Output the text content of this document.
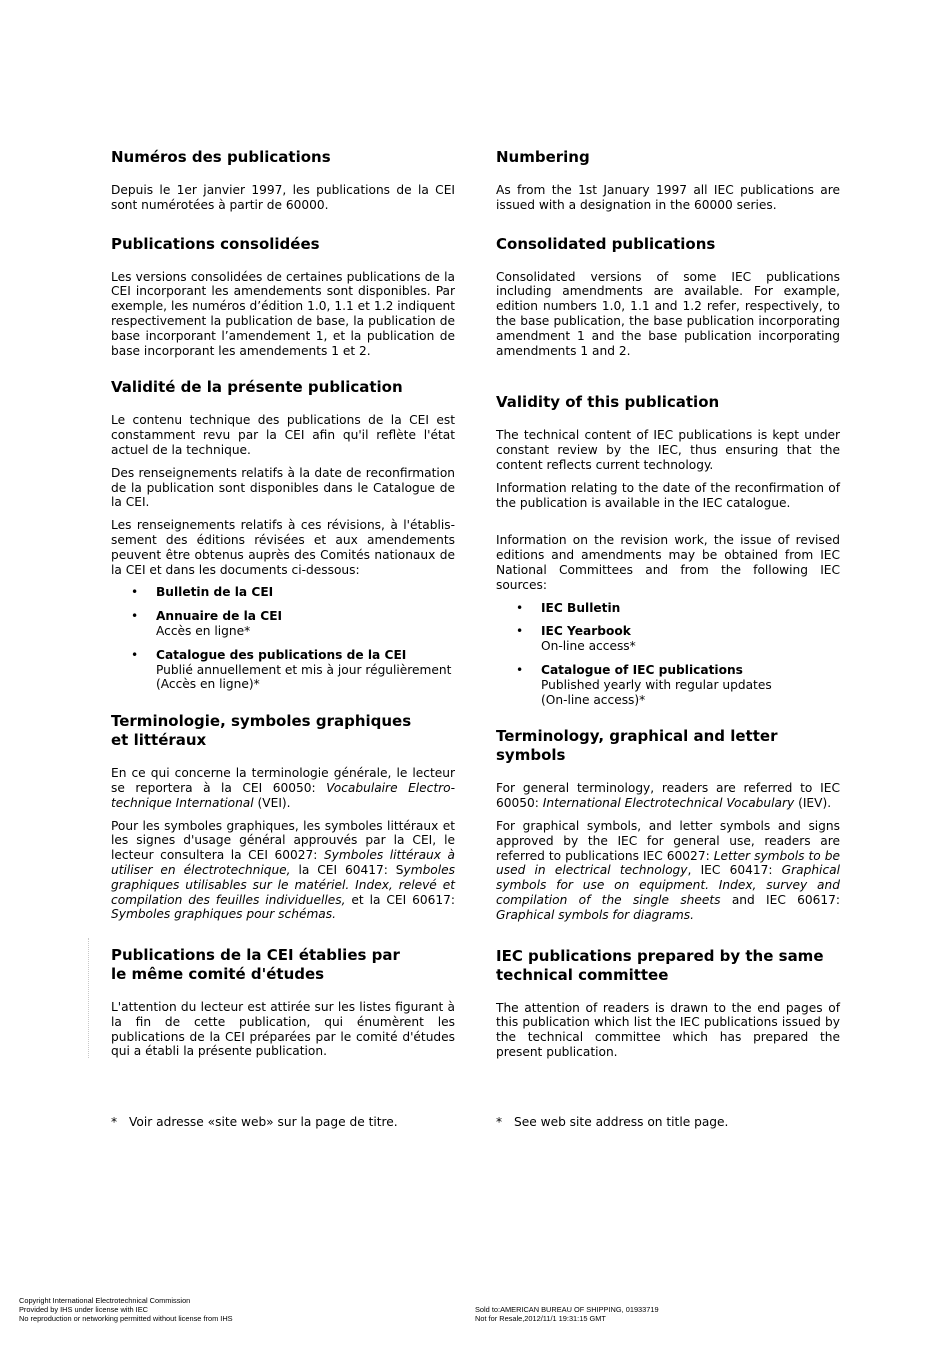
Numéros des publications

Depuis le 1er janvier 1997, les publications de la CEI sont numérotées à partir de 60000.

Publications consolidées

Les versions consolidées de certaines publications de la CEI incorporant les amendements sont disponibles. Par exemple, les numéros d’édition 1.0, 1.1 et 1.2 indiquent respectivement la publication de base, la publication de base incorporant l’amendement 1, et la publication de base incorporant les amendements 1 et 2.

Validité de la présente publication

Le contenu technique des publications de la CEI est constamment revu par la CEI afin qu'il reflète l'état actuel de la technique.

Des renseignements relatifs à la date de reconfirmation de la publication sont disponibles dans le Catalogue de la CEI.

Les renseignements relatifs à ces révisions, à l'établis-sement des éditions révisées et aux amendements peuvent être obtenus auprès des Comités nationaux de la CEI et dans les documents ci-dessous:

• Bulletin de la CEI
• Annuaire de la CEI
Accès en ligne*
• Catalogue des publications de la CEI
Publié annuellement et mis à jour régulièrement
(Accès en ligne)*
Terminologie, symboles graphiques
et littéraux

En ce qui concerne la terminologie générale, le lecteur se reportera à la CEI 60050: Vocabulaire Electro-technique International (VEI).

Pour les symboles graphiques, les symboles littéraux et les signes d'usage général approuvés par la CEI, le lecteur consultera la CEI 60027: Symboles littéraux à utiliser en électrotechnique, la CEI 60417: Symboles graphiques utilisables sur le matériel. Index, relevé et compilation des feuilles individuelles, et la CEI 60617: Symboles graphiques pour schémas.

Publications de la CEI établies par
le même comité d'études

L'attention du lecteur est attirée sur les listes figurant à la fin de cette publication, qui énumèrent les publications de la CEI préparées par le comité d'études qui a établi la présente publication.

Numbering

As from the 1st January 1997 all IEC publications are issued with a designation in the 60000 series.

Consolidated publications

Consolidated versions of some IEC publications including amendments are available. For example, edition numbers 1.0, 1.1 and 1.2 refer, respectively, to the base publication, the base publication incorporating amendment 1 and the base publication incorporating amendments 1 and 2.

Validity of this publication

The technical content of IEC publications is kept under constant review by the IEC, thus ensuring that the content reflects current technology.

Information relating to the date of the reconfirmation of the publication is available in the IEC catalogue.

Information on the revision work, the issue of revised editions and amendments may be obtained from IEC National Committees and from the following IEC sources:

• IEC Bulletin
• IEC Yearbook
On-line access*
• Catalogue of IEC publications
Published yearly with regular updates
(On-line access)*
Terminology, graphical and letter
symbols

For general terminology, readers are referred to IEC 60050: International Electrotechnical Vocabulary (IEV).

For graphical symbols, and letter symbols and signs approved by the IEC for general use, readers are referred to publications IEC 60027: Letter symbols to be used in electrical technology, IEC 60417: Graphical symbols for use on equipment. Index, survey and compilation of the single sheets and IEC 60617: Graphical symbols for diagrams.

IEC publications prepared by the same
technical committee

The attention of readers is drawn to the end pages of this publication which list the IEC publications issued by the technical committee which has prepared the present publication.

* Voir adresse «site web» sur la page de titre.	* See web site address on title page.
Copyright International Electrotechnical Commission
Provided by IHS under license with IEC
No reproduction or networking permitted without license from IHS
Sold to:AMERICAN BUREAU OF SHIPPING, 01933719
Not for Resale,2012/11/1 19:31:15 GMT
